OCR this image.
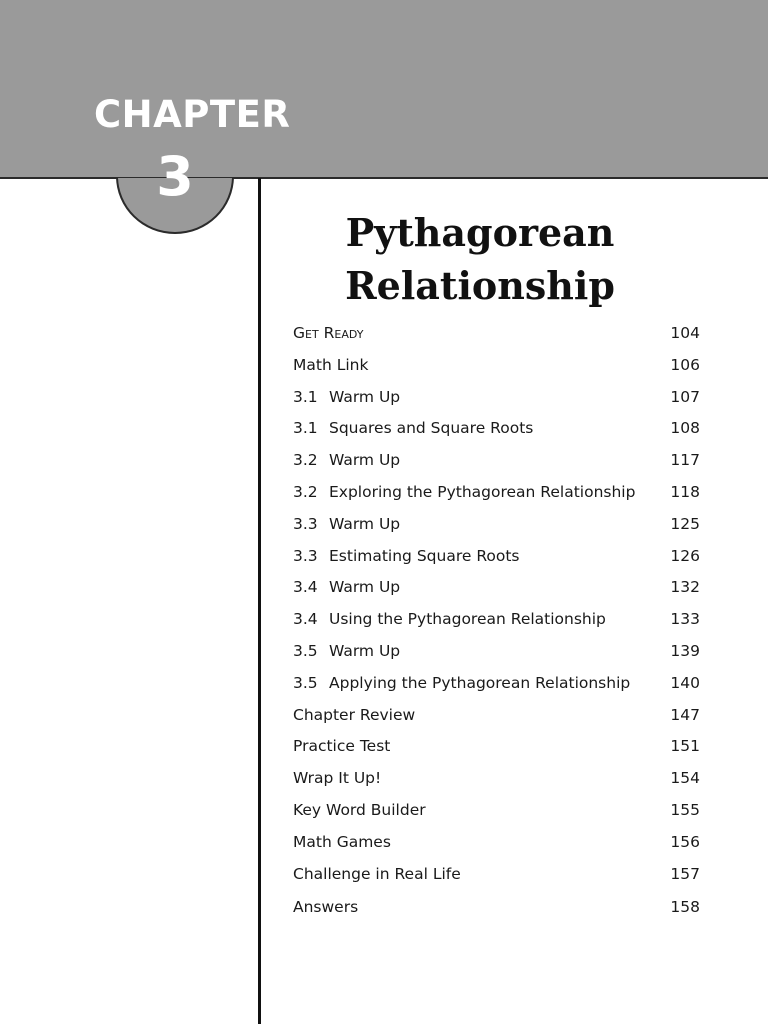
CHAPTER
3
Pythagorean
Relationship
Get Ready	104
Math Link	106
3.1 Warm Up	107
3.1 Squares and Square Roots	108
3.2 Warm Up	117
3.2 Exploring the Pythagorean Relationship 118
3.3 Warm Up	125
3.3 Estimating Square Roots	126
3.4 Warm Up	132
3.4 Using the Pythagorean Relationship	133
3.5 Warm Up	139
3.5 Applying the Pythagorean Relationship	140
Chapter Review	147
Practice Test	151
Wrap It Up!	154
Key Word Builder	155
Math Games	156
Challenge in Real Life	157
Answers	158
